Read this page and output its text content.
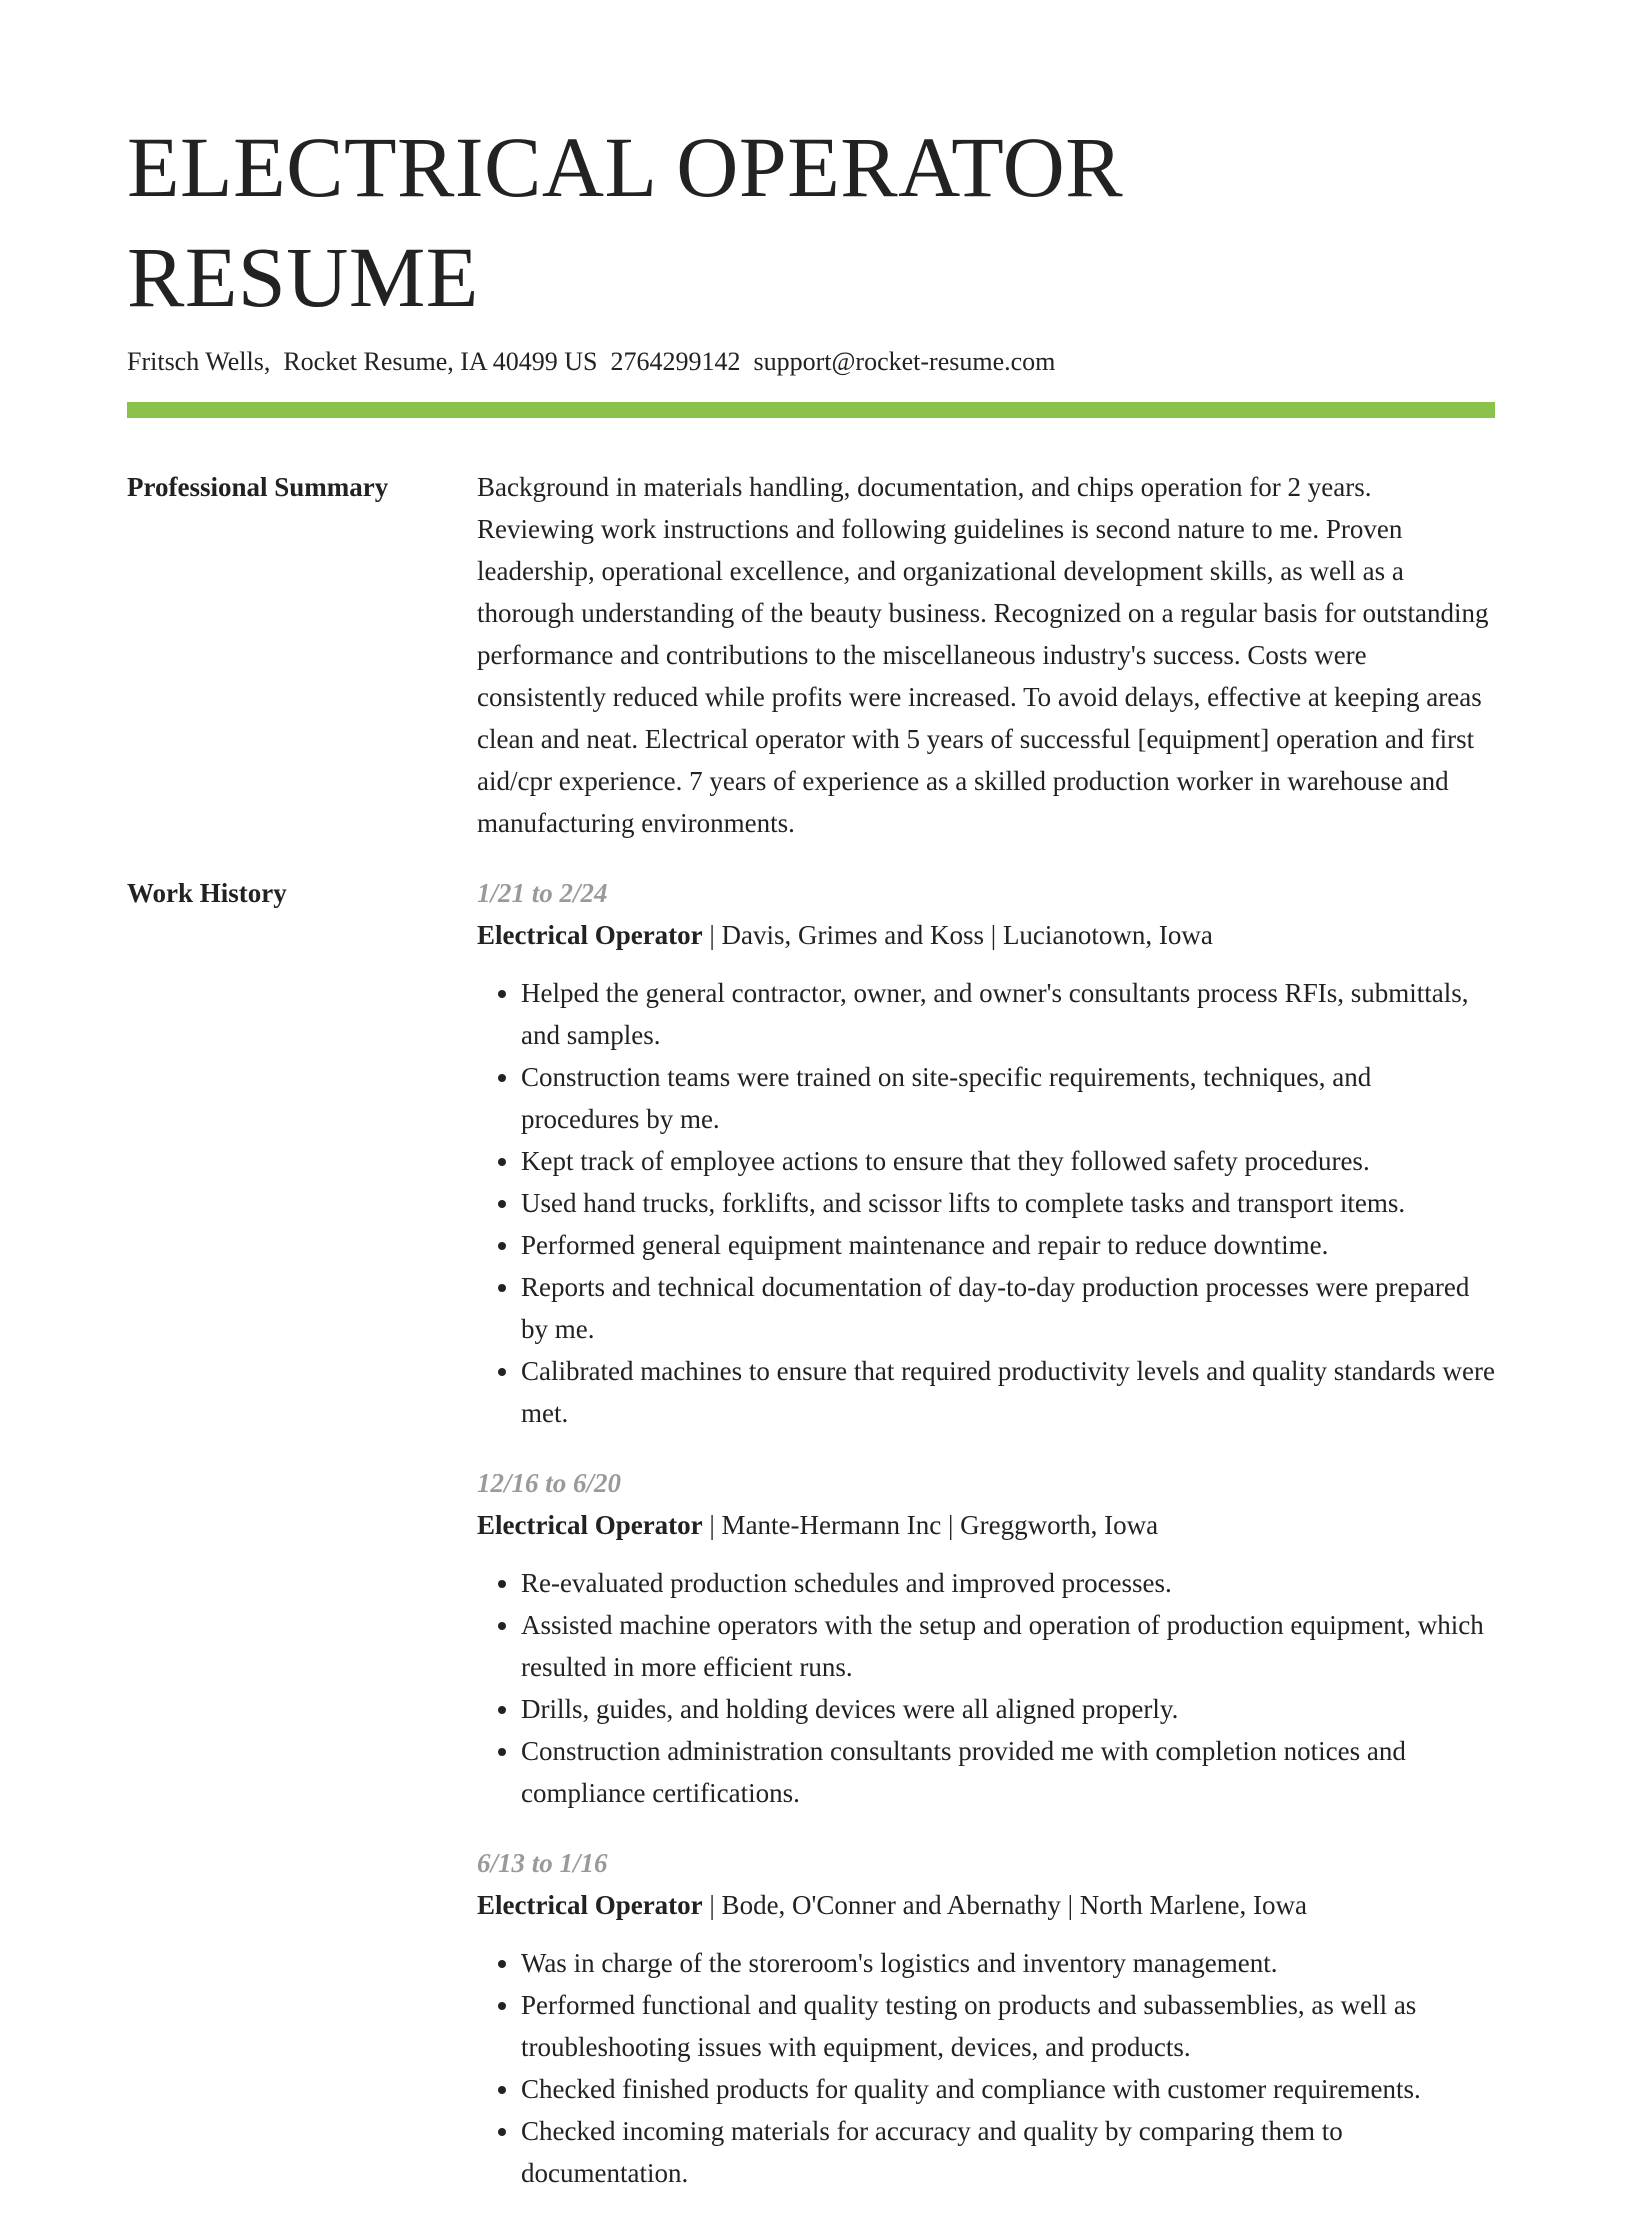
ELECTRICAL OPERATOR RESUME
Fritsch Wells, Rocket Resume, IA 40499 US 2764299142 support@rocket-resume.com
Professional Summary	Background in materials handling, documentation, and chips operation for 2 years. Reviewing work instructions and following guidelines is second nature to me. Proven leadership, operational excellence, and organizational development skills, as well as a thorough understanding of the beauty business. Recognized on a regular basis for outstanding performance and contributions to the miscellaneous industry's success. Costs were consistently reduced while profits were increased. To avoid delays, effective at keeping areas clean and neat. Electrical operator with 5 years of successful [equipment] operation and first aid/cpr experience. 7 years of experience as a skilled production worker in warehouse and manufacturing environments.

Work History	1/21 to 2/24
Electrical Operator | Davis, Grimes and Koss | Lucianotown, Iowa
• Helped the general contractor, owner, and owner's consultants process RFIs, submittals, and samples.
• Construction teams were trained on site-specific requirements, techniques, and procedures by me.
• Kept track of employee actions to ensure that they followed safety procedures.
• Used hand trucks, forklifts, and scissor lifts to complete tasks and transport items.
• Performed general equipment maintenance and repair to reduce downtime.
• Reports and technical documentation of day-to-day production processes were prepared by me.
• Calibrated machines to ensure that required productivity levels and quality standards were met.
12/16 to 6/20
Electrical Operator | Mante-Hermann Inc | Greggworth, Iowa
• Re-evaluated production schedules and improved processes.
• Assisted machine operators with the setup and operation of production equipment, which resulted in more efficient runs.
• Drills, guides, and holding devices were all aligned properly.
• Construction administration consultants provided me with completion notices and compliance certifications.
6/13 to 1/16
Electrical Operator | Bode, O'Conner and Abernathy | North Marlene, Iowa
• Was in charge of the storeroom's logistics and inventory management.
• Performed functional and quality testing on products and subassemblies, as well as troubleshooting issues with equipment, devices, and products.
• Checked finished products for quality and compliance with customer requirements.
• Checked incoming materials for accuracy and quality by comparing them to documentation.
